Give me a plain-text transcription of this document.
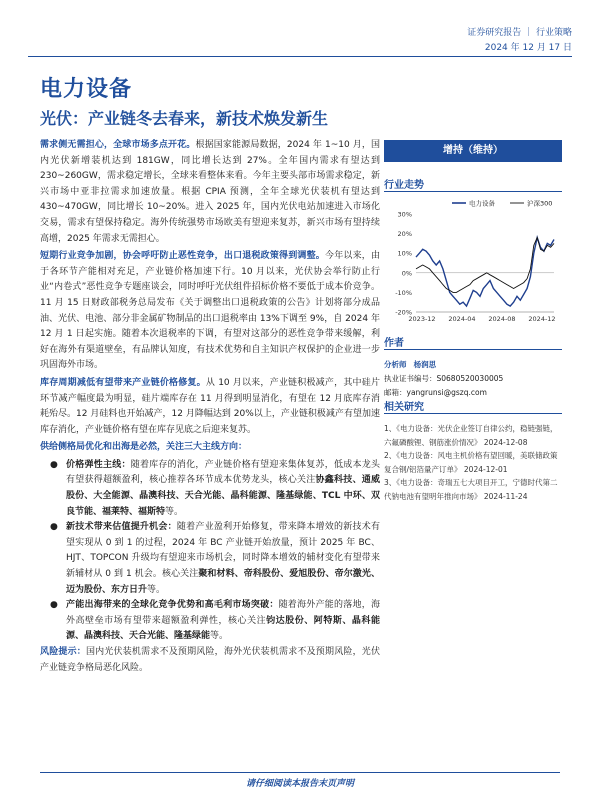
证券研究报告 ｜ 行业策略
2024 年 12 月 17 日
电力设备
光伏：产业链冬去春来，新技术焕发新生

需求侧无需担心，全球市场多点开花。根据国家能源局数据，2024 年 1~10 月，国内光伏新增装机达到 181GW，同比增长达到 27%。全年国内需求有望达到 230~260GW，需求稳定增长，全球来看整体来看。今年主要头部市场需求稳定，新兴市场中亚非拉需求加速放量。根据 CPIA 预测，全年全球光伏装机有望达到 430~470GW，同比增长 10~20%。进入 2025 年，国内光伏电站加速进入市场化交易，需求有望保持稳定。海外传统强势市场欧美有望迎来复苏，新兴市场有望持续高增，2025 年需求无需担心。

短期行业竞争加剧，协会呼吁防止恶性竞争，出口退税政策得到调整。今年以来，由于各环节产能相对充足，产业链价格加速下行。10 月以来，光伏协会举行防止行业“内卷式”恶性竞争专题座谈会，同时呼吁光伏组件招标价格不要低于成本价竞争。11 月 15 日财政部税务总局发布《关于调整出口退税政策的公告》计划将部分成品油、光伏、电池、部分非金属矿物制品的出口退税率由 13%下调至 9%，自 2024 年 12 月 1 日起实施。随着本次退税率的下调，有望对这部分的恶性竞争带来缓解，利好在海外有渠道壁垒，有品牌认知度，有技术优势和自主知识产权保护的企业进一步巩固海外市场。

库存周期减低有望带来产业链价格修复。从 10 月以来，产业链积极减产，其中硅片环节减产幅度最为明显，硅片端库存在 11 月得到明显消化，有望在 12 月底库存消耗殆尽。12 月硅料也开始减产，12 月降幅达到 20%以上，产业链积极减产有望加速库存消化，产业链价格有望在库存见底之后迎来复苏。

供给侧格局优化和出海是必然，关注三大主线方向：

● 价格弹性主线：随着库存的消化，产业链价格有望迎来集体复苏，低成本龙头有望获得超额盈利，核心推荐各环节成本优势龙头，核心关注协鑫科技、通威股份、大全能源、晶澳科技、天合光能、晶科能源、隆基绿能、TCL 中环、双良节能、福莱特、福斯特等。
● 新技术带来估值提升机会：随着产业盈利开始修复，带来降本增效的新技术有望实现从 0 到 1 的过程，2024 年 BC 产业链开始放量，预计 2025 年 BC、HJT、TOPCON 升级均有望迎来市场机会，同时降本增效的辅材变化有望带来新辅材从 0 到 1 机会。核心关注聚和材料、帝科股份、爱旭股份、帝尔激光、迈为股份、东方日升等。
● 产能出海带来的全球化竞争优势和高毛利市场突破：随着海外产能的落地，海外高壁垒市场有望带来超额盈利弹性，核心关注钧达股份、阿特斯、晶科能源、晶澳科技、天合光能、隆基绿能等。

风险提示：国内光伏装机需求不及预期风险，海外光伏装机需求不及预期风险，光伏产业链竞争格局恶化风险。

增持（维持）
行业走势
-20%
-10%
0%
10%
20%
30%
2023-12 2024-04 2024-08 2024-12
电力设备	沪深300
作者
分析师 杨润思
执业证书编号：S0680520030005
邮箱：yangrunsi@gszq.com
相关研究
1、《电力设备：光伏企业签订自律公约，稳链强链，六氟磷酸锂、钢筋涨价情况》 2024-12-08
2、《电力设备：风电主机价格有望回暖，美联储政策复合钢/铝箔量产订单》 2024-12-01
3、《电力设备：奇瑞五七大项目开工，宁德时代第二代钠电池有望明年推向市场》 2024-11-24
请仔细阅读本报告末页声明
